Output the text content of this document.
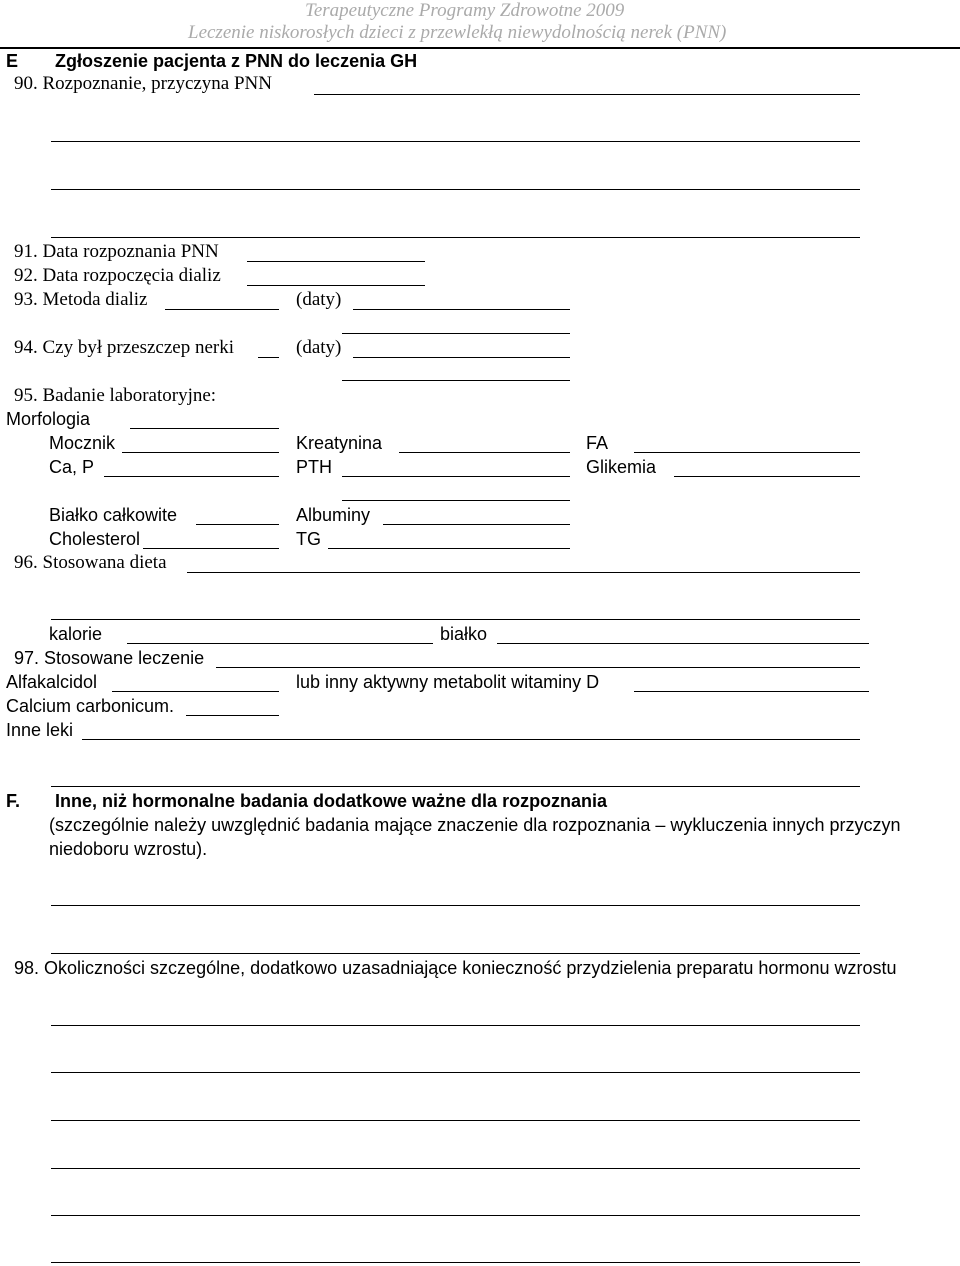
Terapeutyczne Programy Zdrowotne 2009
Leczenie niskorosłych dzieci z przewlekłą niewydolnością nerek (PNN)
E Zgłoszenie pacjenta z PNN do leczenia GH
90. Rozpoznanie, przyczyna PNN
91. Data rozpoznania PNN
92. Data rozpoczęcia dializ
93. Metoda dializ	(daty)
94. Czy był przeszczep nerki	(daty)
95. Badanie laboratoryjne:
Morfologia
Mocznik	Kreatynina	FA
Ca, P	PTH	Glikemia
Białko całkowite	Albuminy
Cholesterol	TG
96. Stosowana dieta
kalorie	białko
97. Stosowane leczenie
Alfakalcidol	lub inny aktywny metabolit witaminy D
Calcium carbonicum.
Inne leki
F. Inne, niż hormonalne badania dodatkowe ważne dla rozpoznania
(szczególnie należy uwzględnić badania mające znaczenie dla rozpoznania – wykluczenia innych przyczyn
niedoboru wzrostu).
98. Okoliczności szczególne, dodatkowo uzasadniające konieczność przydzielenia preparatu hormonu wzrostu
